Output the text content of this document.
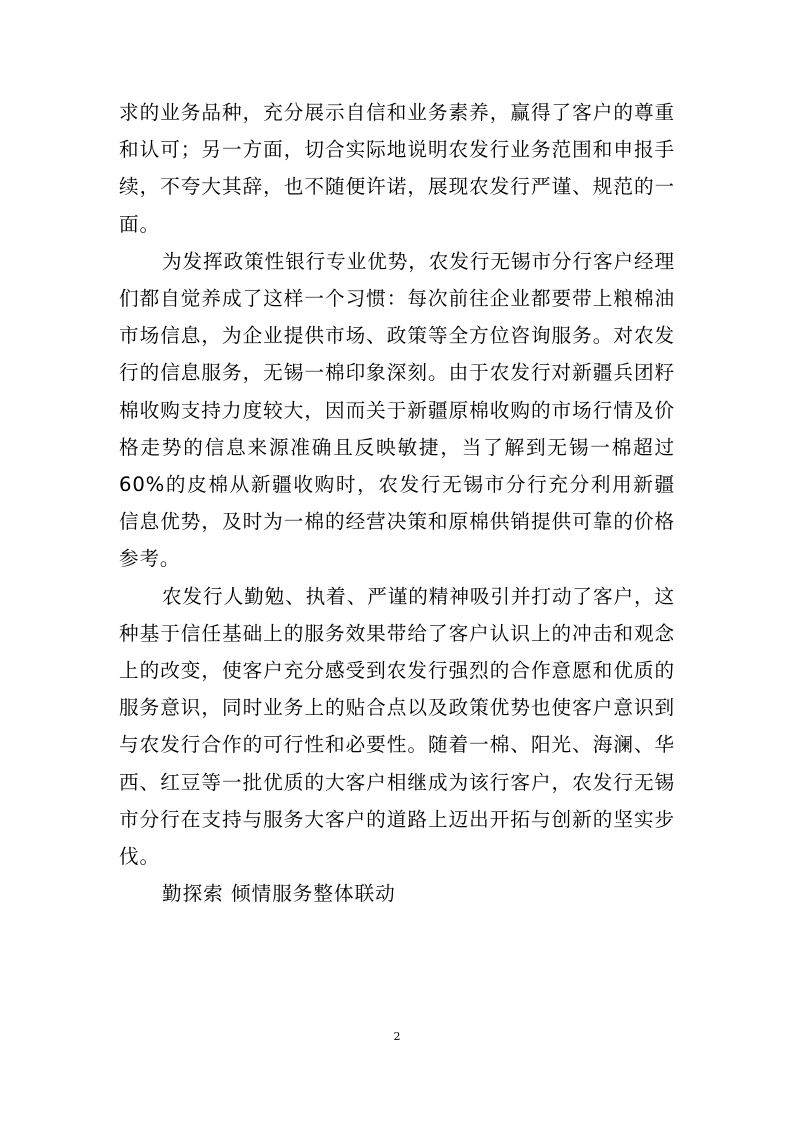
求的业务品种，充分展示自信和业务素养，赢得了客户的尊重和认可；另一方面，切合实际地说明农发行业务范围和申报手续，不夸大其辞，也不随便许诺，展现农发行严谨、规范的一面。

为发挥政策性银行专业优势，农发行无锡市分行客户经理们都自觉养成了这样一个习惯：每次前往企业都要带上粮棉油市场信息，为企业提供市场、政策等全方位咨询服务。对农发行的信息服务，无锡一棉印象深刻。由于农发行对新疆兵团籽棉收购支持力度较大，因而关于新疆原棉收购的市场行情及价格走势的信息来源准确且反映敏捷，当了解到无锡一棉超过60%的皮棉从新疆收购时，农发行无锡市分行充分利用新疆信息优势，及时为一棉的经营决策和原棉供销提供可靠的价格参考。

农发行人勤勉、执着、严谨的精神吸引并打动了客户，这种基于信任基础上的服务效果带给了客户认识上的冲击和观念上的改变，使客户充分感受到农发行强烈的合作意愿和优质的服务意识，同时业务上的贴合点以及政策优势也使客户意识到与农发行合作的可行性和必要性。随着一棉、阳光、海澜、华西、红豆等一批优质的大客户相继成为该行客户，农发行无锡市分行在支持与服务大客户的道路上迈出开拓与创新的坚实步伐。

勤探索 倾情服务整体联动

2
